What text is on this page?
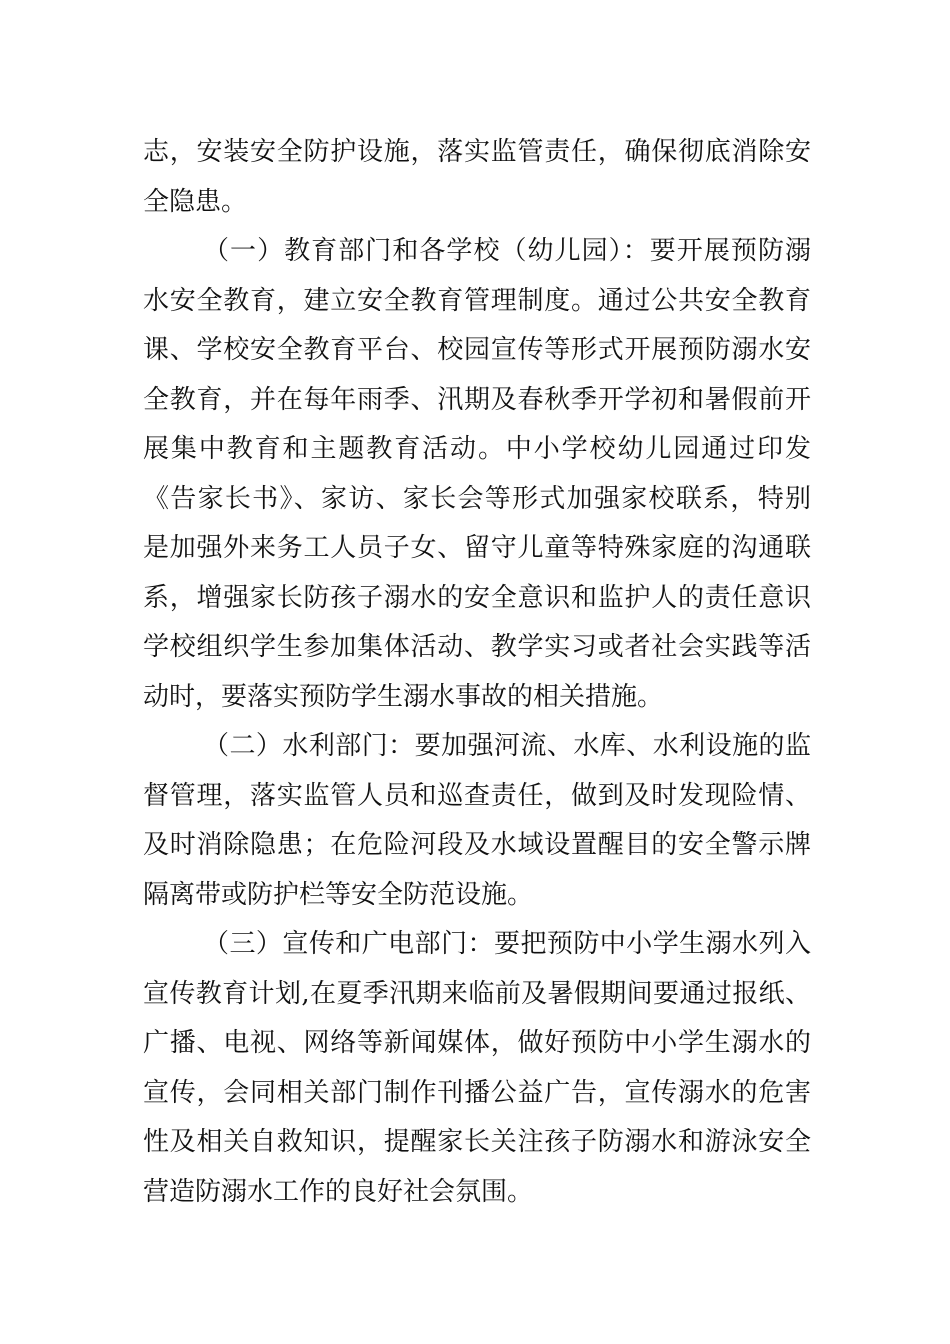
志，安装安全防护设施，落实监管责任，确保彻底消除安
全隐患。
（一）教育部门和各学校（幼儿园）：要开展预防溺
水安全教育，建立安全教育管理制度。通过公共安全教育
课、学校安全教育平台、校园宣传等形式开展预防溺水安
全教育，并在每年雨季、汛期及春秋季开学初和暑假前开
展集中教育和主题教育活动。中小学校幼儿园通过印发
《告家长书》、家访、家长会等形式加强家校联系，特别
是加强外来务工人员子女、留守儿童等特殊家庭的沟通联
系，增强家长防孩子溺水的安全意识和监护人的责任意识
学校组织学生参加集体活动、教学实习或者社会实践等活
动时，要落实预防学生溺水事故的相关措施。
（二）水利部门：要加强河流、水库、水利设施的监
督管理，落实监管人员和巡查责任，做到及时发现险情、
及时消除隐患；在危险河段及水域设置醒目的安全警示牌
隔离带或防护栏等安全防范设施。
（三）宣传和广电部门：要把预防中小学生溺水列入
宣传教育计划,在夏季汛期来临前及暑假期间要通过报纸、
广播、电视、网络等新闻媒体，做好预防中小学生溺水的
宣传，会同相关部门制作刊播公益广告，宣传溺水的危害
性及相关自救知识，提醒家长关注孩子防溺水和游泳安全
营造防溺水工作的良好社会氛围。
